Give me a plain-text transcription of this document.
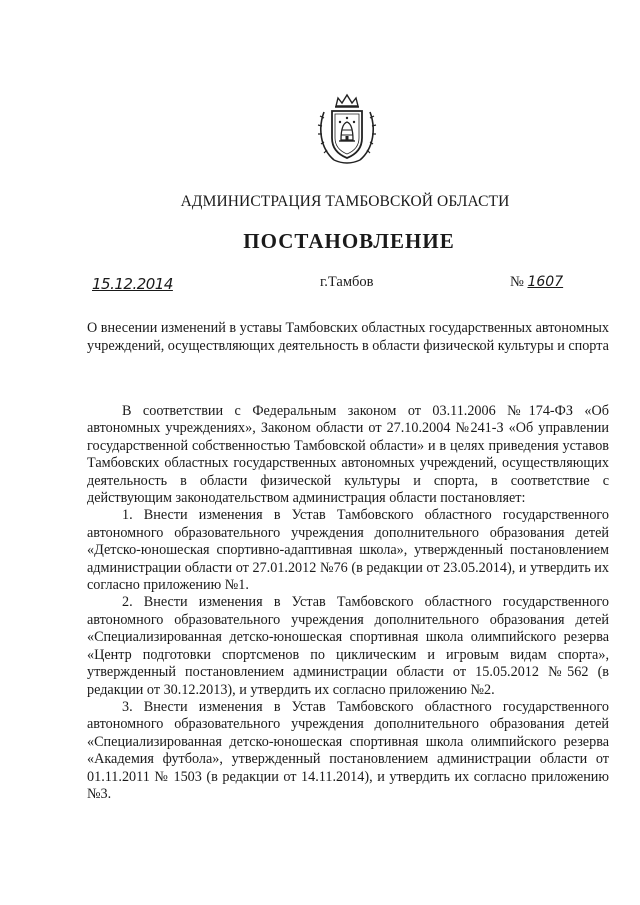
АДМИНИСТРАЦИЯ ТАМБОВСКОЙ ОБЛАСТИ
ПОСТАНОВЛЕНИЕ
15.12.2014	г.Тамбов	№ 1607
О внесении изменений в уставы Тамбовских областных государственных автономных учреждений, осуществляющих деятельность в области физической культуры и спорта

В соответствии с Федеральным законом от 03.11.2006 №174-ФЗ «Об автономных учреждениях», Законом области от 27.10.2004 №241-З «Об управлении государственной собственностью Тамбовской области» и в целях приведения уставов Тамбовских областных государственных автономных учреждений, осуществляющих деятельность в области физической культуры и спорта, в соответствие с действующим законодательством администрация области постановляет:

1. Внести изменения в Устав Тамбовского областного государственного автономного образовательного учреждения дополнительного образования детей «Детско-юношеская спортивно-адаптивная школа», утвержденный постановлением администрации области от 27.01.2012 №76 (в редакции от 23.05.2014), и утвердить их согласно приложению №1.

2. Внести изменения в Устав Тамбовского областного государственного автономного образовательного учреждения дополнительного образования детей «Специализированная детско-юношеская спортивная школа олимпийского резерва «Центр подготовки спортсменов по циклическим и игровым видам спорта», утвержденный постановлением администрации области от 15.05.2012 №562 (в редакции от 30.12.2013), и утвердить их согласно приложению №2.

3. Внести изменения в Устав Тамбовского областного государственного автономного образовательного учреждения дополнительного образования детей «Специализированная детско-юношеская спортивная школа олимпийского резерва «Академия футбола», утвержденный постановлением администрации области от 01.11.2011 № 1503 (в редакции от 14.11.2014), и утвердить их согласно приложению №3.
